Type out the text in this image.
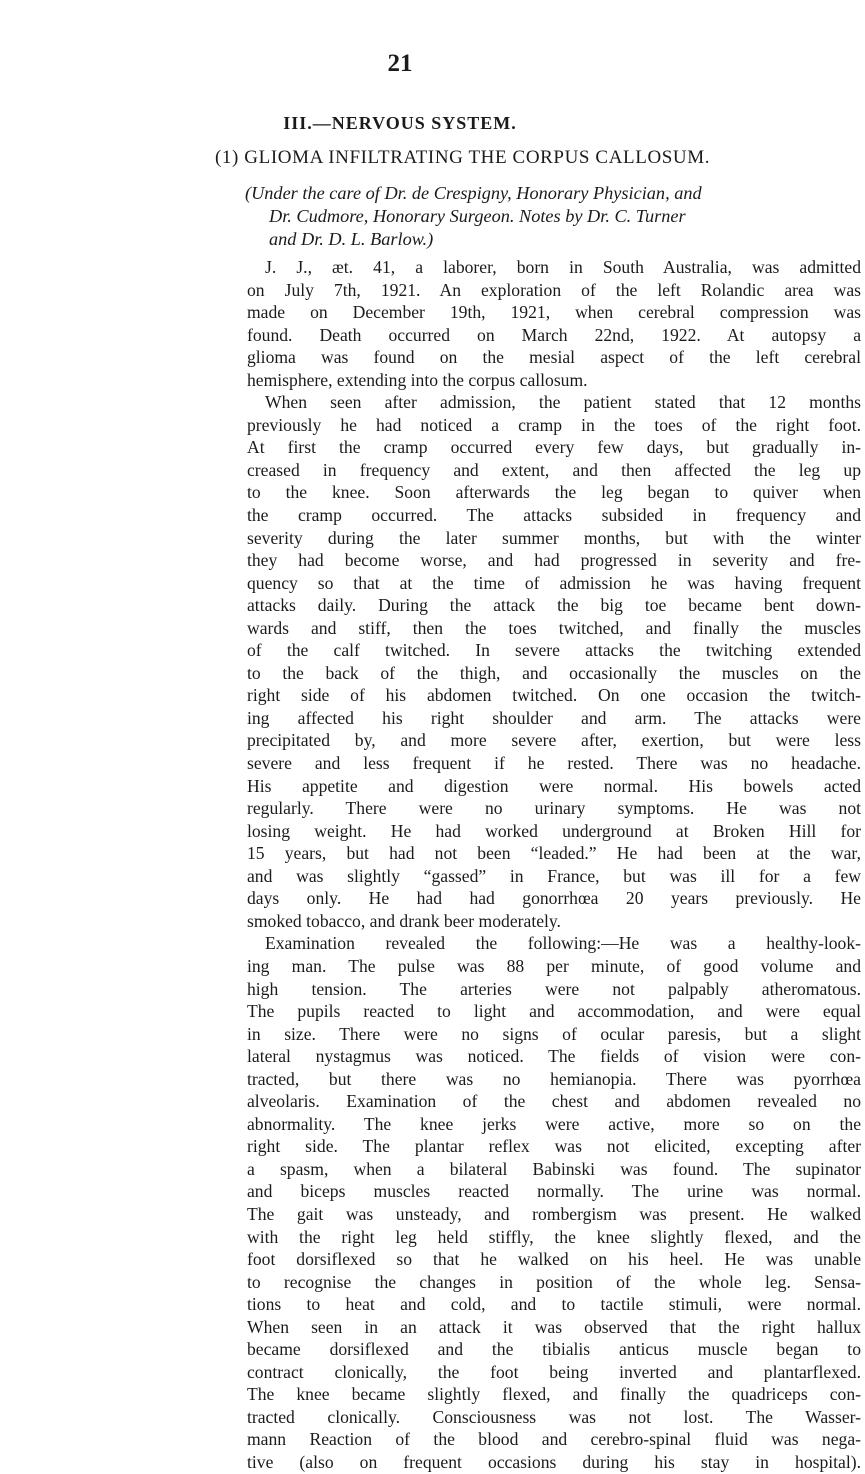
21
III.—NERVOUS SYSTEM.
(1) GLIOMA INFILTRATING THE CORPUS CALLOSUM.
(Under the care of Dr. de Crespigny, Honorary Physician, and
Dr. Cudmore, Honorary Surgeon. Notes by Dr. C. Turner
and Dr. D. L. Barlow.)
J. J., æt. 41, a laborer, born in South Australia, was admitted
on July 7th, 1921. An exploration of the left Rolandic area was
made on December 19th, 1921, when cerebral compression was
found. Death occurred on March 22nd, 1922. At autopsy a
glioma was found on the mesial aspect of the left cerebral
hemisphere, extending into the corpus callosum.
When seen after admission, the patient stated that 12 months
previously he had noticed a cramp in the toes of the right foot.
At first the cramp occurred every few days, but gradually in-
creased in frequency and extent, and then affected the leg up
to the knee. Soon afterwards the leg began to quiver when
the cramp occurred. The attacks subsided in frequency and
severity during the later summer months, but with the winter
they had become worse, and had progressed in severity and fre-
quency so that at the time of admission he was having frequent
attacks daily. During the attack the big toe became bent down-
wards and stiff, then the toes twitched, and finally the muscles
of the calf twitched. In severe attacks the twitching extended
to the back of the thigh, and occasionally the muscles on the
right side of his abdomen twitched. On one occasion the twitch-
ing affected his right shoulder and arm. The attacks were
precipitated by, and more severe after, exertion, but were less
severe and less frequent if he rested. There was no headache.
His appetite and digestion were normal. His bowels acted
regularly. There were no urinary symptoms. He was not
losing weight. He had worked underground at Broken Hill for
15 years, but had not been “leaded.” He had been at the war,
and was slightly “gassed” in France, but was ill for a few
days only. He had had gonorrhœa 20 years previously. He
smoked tobacco, and drank beer moderately.
Examination revealed the following:—He was a healthy-look-
ing man. The pulse was 88 per minute, of good volume and
high tension. The arteries were not palpably atheromatous.
The pupils reacted to light and accommodation, and were equal
in size. There were no signs of ocular paresis, but a slight
lateral nystagmus was noticed. The fields of vision were con-
tracted, but there was no hemianopia. There was pyorrhœa
alveolaris. Examination of the chest and abdomen revealed no
abnormality. The knee jerks were active, more so on the
right side. The plantar reflex was not elicited, excepting after
a spasm, when a bilateral Babinski was found. The supinator
and biceps muscles reacted normally. The urine was normal.
The gait was unsteady, and rombergism was present. He walked
with the right leg held stiffly, the knee slightly flexed, and the
foot dorsiflexed so that he walked on his heel. He was unable
to recognise the changes in position of the whole leg. Sensa-
tions to heat and cold, and to tactile stimuli, were normal.
When seen in an attack it was observed that the right hallux
became dorsiflexed and the tibialis anticus muscle began to
contract clonically, the foot being inverted and plantarflexed.
The knee became slightly flexed, and finally the quadriceps con-
tracted clonically. Consciousness was not lost. The Wasser-
mann Reaction of the blood and cerebro-spinal fluid was nega-
tive (also on frequent occasions during his stay in hospital).
